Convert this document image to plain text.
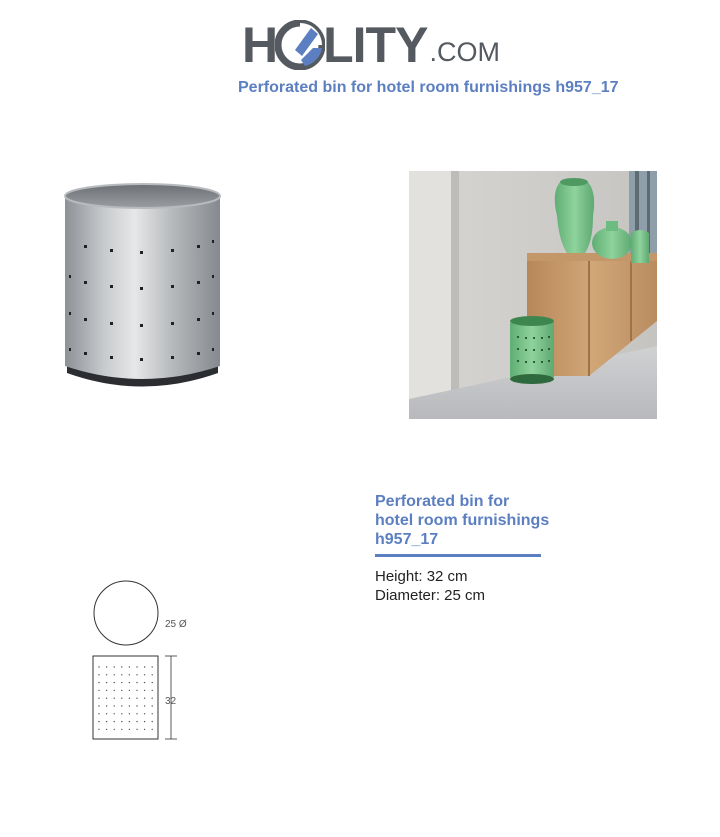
H LITY .COM
Perforated bin for hotel room furnishings h957_17
Perforated bin for
hotel room furnishings
h957_17
Height: 32 cm
Diameter: 25 cm
25 Ø
32
